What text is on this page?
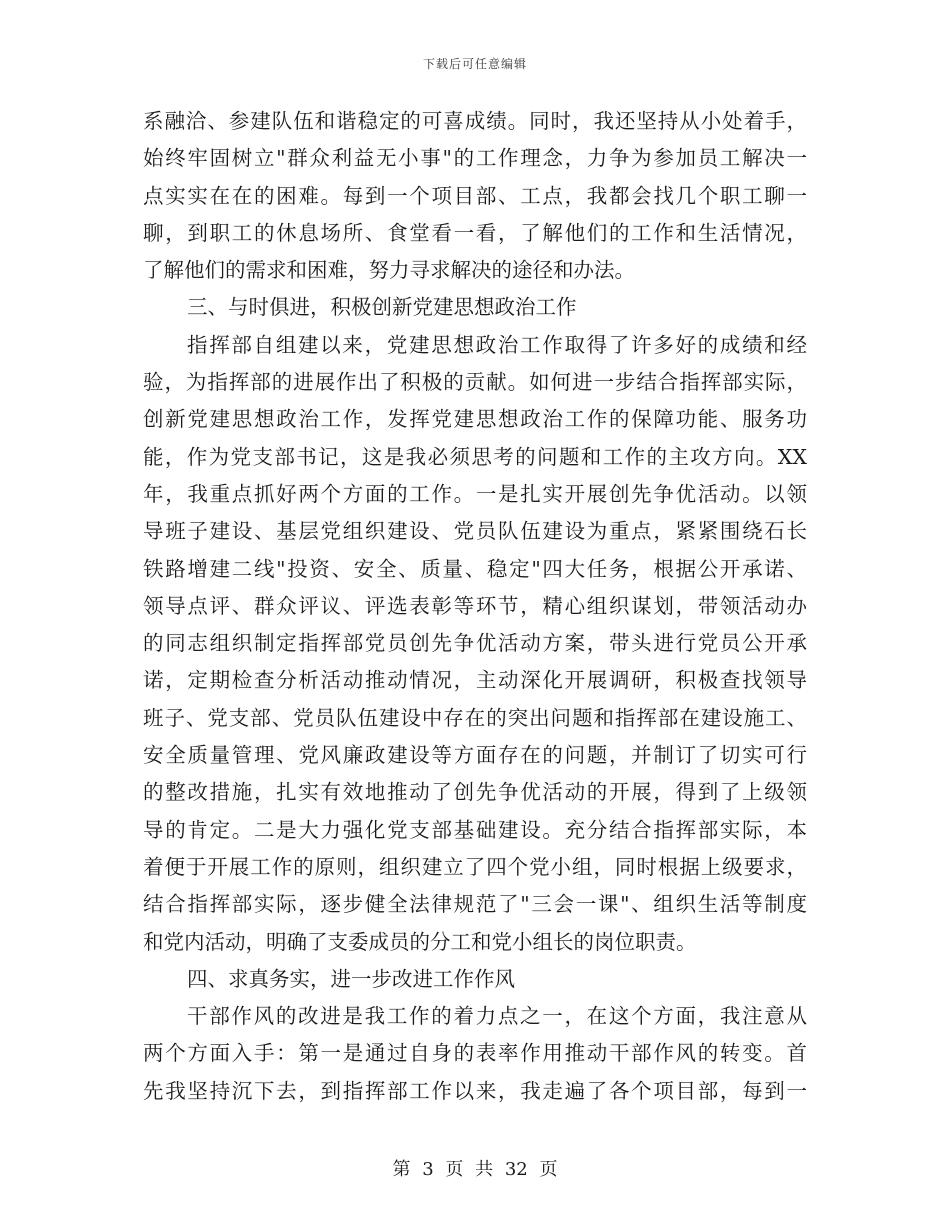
下载后可任意编辑
系融洽、参建队伍和谐稳定的可喜成绩。同时，我还坚持从小处着手，
始终牢固树立"群众利益无小事"的工作理念，力争为参加员工解决一
点实实在在的困难。每到一个项目部、工点，我都会找几个职工聊一
聊，到职工的休息场所、食堂看一看，了解他们的工作和生活情况，
了解他们的需求和困难，努力寻求解决的途径和办法。
三、与时俱进，积极创新党建思想政治工作
指挥部自组建以来，党建思想政治工作取得了许多好的成绩和经
验，为指挥部的进展作出了积极的贡献。如何进一步结合指挥部实际，
创新党建思想政治工作，发挥党建思想政治工作的保障功能、服务功
能，作为党支部书记，这是我必须思考的问题和工作的主攻方向。XX
年，我重点抓好两个方面的工作。一是扎实开展创先争优活动。以领
导班子建设、基层党组织建设、党员队伍建设为重点，紧紧围绕石长
铁路增建二线"投资、安全、质量、稳定"四大任务，根据公开承诺、
领导点评、群众评议、评选表彰等环节，精心组织谋划，带领活动办
的同志组织制定指挥部党员创先争优活动方案，带头进行党员公开承
诺，定期检查分析活动推动情况，主动深化开展调研，积极查找领导
班子、党支部、党员队伍建设中存在的突出问题和指挥部在建设施工、
安全质量管理、党风廉政建设等方面存在的问题，并制订了切实可行
的整改措施，扎实有效地推动了创先争优活动的开展，得到了上级领
导的肯定。二是大力强化党支部基础建设。充分结合指挥部实际，本
着便于开展工作的原则，组织建立了四个党小组，同时根据上级要求，
结合指挥部实际，逐步健全法律规范了"三会一课"、组织生活等制度
和党内活动，明确了支委成员的分工和党小组长的岗位职责。
四、求真务实，进一步改进工作作风
干部作风的改进是我工作的着力点之一，在这个方面，我注意从
两个方面入手：第一是通过自身的表率作用推动干部作风的转变。首
先我坚持沉下去，到指挥部工作以来，我走遍了各个项目部，每到一
第 3 页 共 32 页
